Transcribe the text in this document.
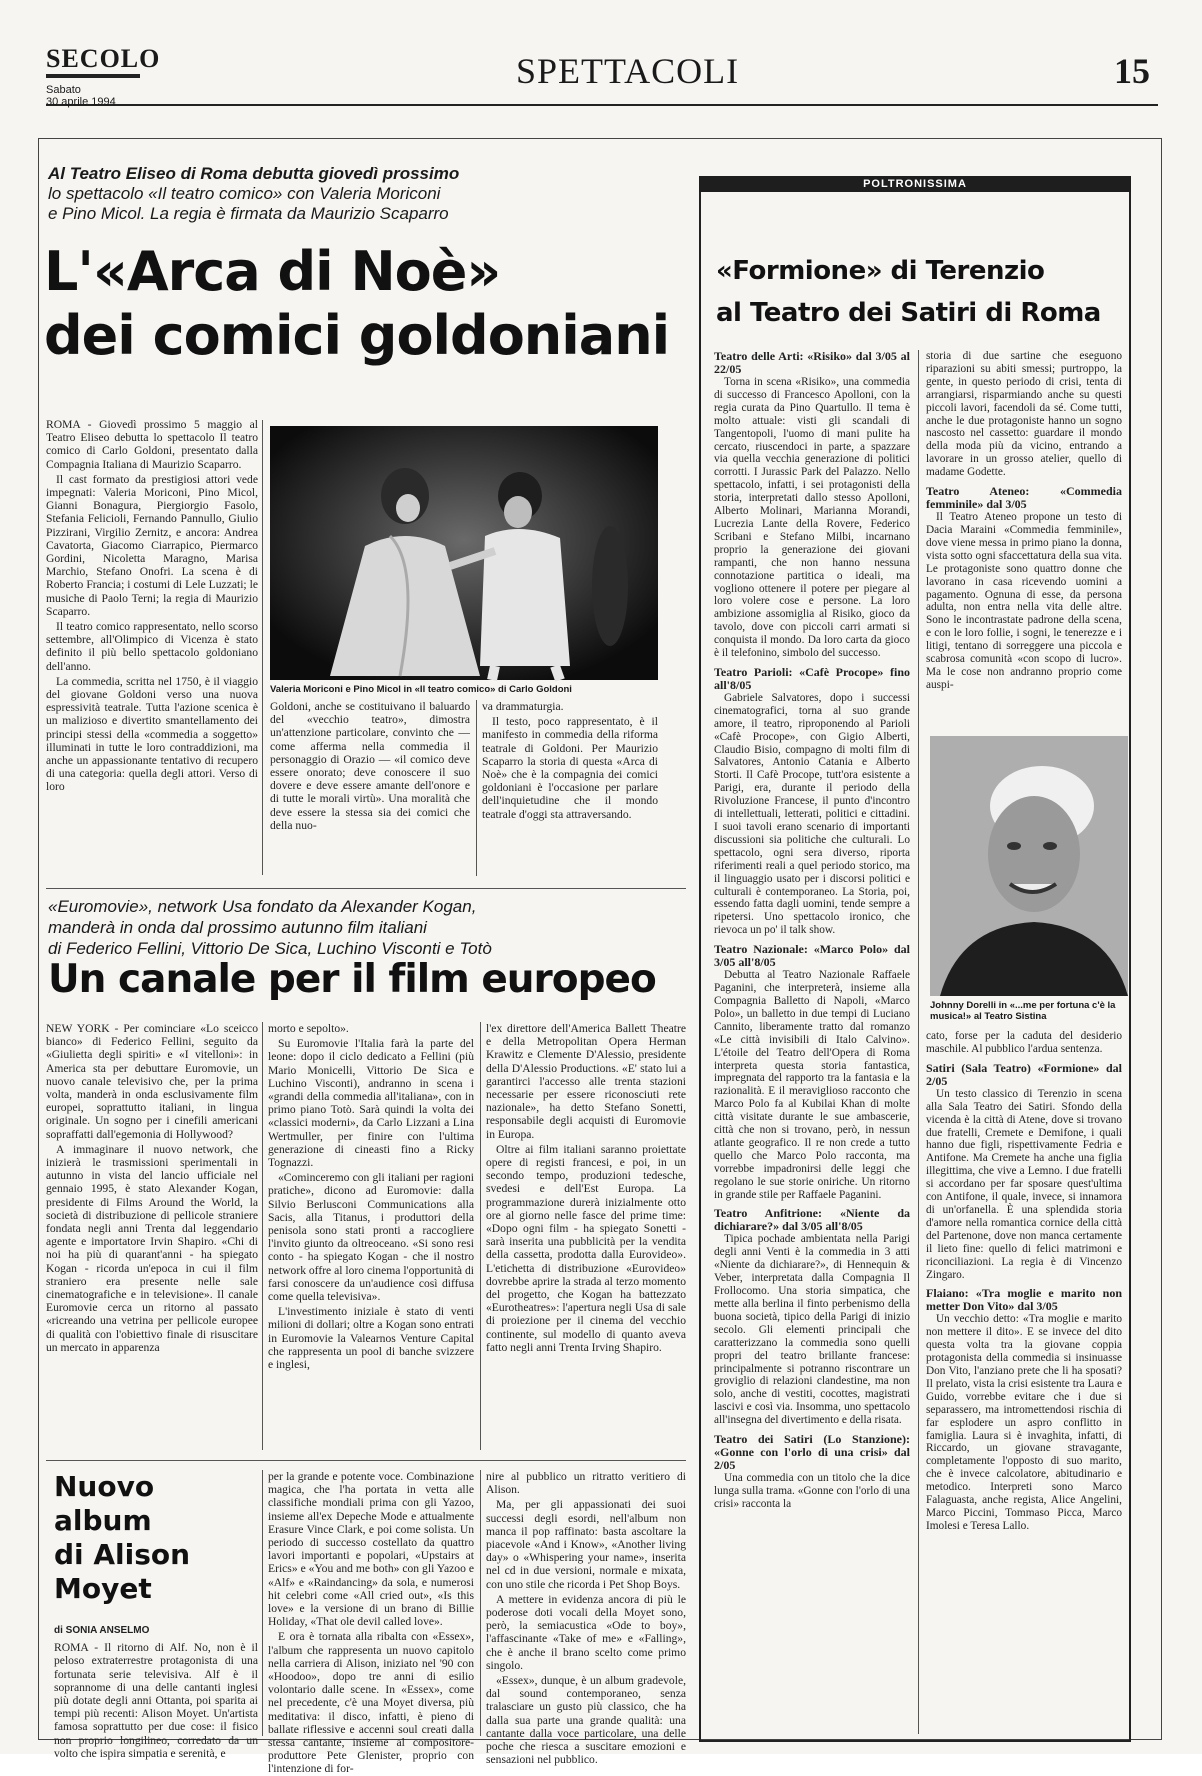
SECOLO
Sabato
30 aprile 1994
SPETTACOLI	15
Al Teatro Eliseo di Roma debutta giovedì prossimo
lo spettacolo «Il teatro comico» con Valeria Moriconi
e Pino Micol. La regia è firmata da Maurizio Scaparro
L'«Arca di Noè»
dei comici goldoniani

ROMA - Giovedì prossimo 5 maggio al Teatro Eliseo debutta lo spettacolo Il teatro comico di Carlo Goldoni, presentato dalla Compagnia Italiana di Maurizio Scaparro.

Il cast formato da prestigiosi attori vede impegnati: Valeria Moriconi, Pino Micol, Gianni Bonagura, Piergiorgio Fasolo, Stefania Felicioli, Fernando Pannullo, Giulio Pizzirani, Virgilio Zernitz, e ancora: Andrea Cavatorta, Giacomo Ciarrapico, Piermarco Gordini, Nicoletta Maragno, Marisa Marchio, Stefano Onofri. La scena è di Roberto Francia; i costumi di Lele Luzzati; le musiche di Paolo Terni; la regia di Maurizio Scaparro.

Il teatro comico rappresentato, nello scorso settembre, all'Olimpico di Vicenza è stato definito il più bello spettacolo goldoniano dell'anno.

La commedia, scritta nel 1750, è il viaggio del giovane Goldoni verso una nuova espressività teatrale. Tutta l'azione scenica è un malizioso e divertito smantellamento dei principi stessi della «commedia a soggetto» illuminati in tutte le loro contraddizioni, ma anche un appassionante tentativo di recupero di una categoria: quella degli attori. Verso di loro

Valeria Moriconi e Pino Micol in «Il teatro comico» di Carlo Goldoni

Goldoni, anche se costituivano il baluardo del «vecchio teatro», dimostra un'attenzione particolare, convinto che — come afferma nella commedia il personaggio di Orazio — «il comico deve essere onorato; deve conoscere il suo dovere e deve essere amante dell'onore e di tutte le morali virtù». Una moralità che deve essere la stessa sia dei comici che della nuo-

va drammaturgia.

Il testo, poco rappresentato, è il manifesto in commedia della riforma teatrale di Goldoni. Per Maurizio Scaparro la storia di questa «Arca di Noè» che è la compagnia dei comici goldoniani è l'occasione per parlare dell'inquietudine che il mondo teatrale d'oggi sta attraversando.

«Euromovie», network Usa fondato da Alexander Kogan,
manderà in onda dal prossimo autunno film italiani
di Federico Fellini, Vittorio De Sica, Luchino Visconti e Totò
Un canale per il film europeo

NEW YORK - Per cominciare «Lo sceicco bianco» di Federico Fellini, seguito da «Giulietta degli spiriti» e «I vitelloni»: in America sta per debuttare Euromovie, un nuovo canale televisivo che, per la prima volta, manderà in onda esclusivamente film europei, soprattutto italiani, in lingua originale. Un sogno per i cinefili americani sopraffatti dall'egemonia di Hollywood?

A immaginare il nuovo network, che inizierà le trasmissioni sperimentali in autunno in vista del lancio ufficiale nel gennaio 1995, è stato Alexander Kogan, presidente di Films Around the World, la società di distribuzione di pellicole straniere fondata negli anni Trenta dal leggendario agente e importatore Irvin Shapiro. «Chi di noi ha più di quarant'anni - ha spiegato Kogan - ricorda un'epoca in cui il film straniero era presente nelle sale cinematografiche e in televisione». Il canale Euromovie cerca un ritorno al passato «ricreando una vetrina per pellicole europee di qualità con l'obiettivo finale di risuscitare un mercato in apparenza

morto e sepolto».

Su Euromovie l'Italia farà la parte del leone: dopo il ciclo dedicato a Fellini (più Mario Monicelli, Vittorio De Sica e Luchino Visconti), andranno in scena i «grandi della commedia all'italiana», con in primo piano Totò. Sarà quindi la volta dei «classici moderni», da Carlo Lizzani a Lina Wertmuller, per finire con l'ultima generazione di cineasti fino a Ricky Tognazzi.

«Cominceremo con gli italiani per ragioni pratiche», dicono ad Euromovie: dalla Silvio Berlusconi Communications alla Sacis, alla Titanus, i produttori della penisola sono stati pronti a raccogliere l'invito giunto da oltreoceano. «Si sono resi conto - ha spiegato Kogan - che il nostro network offre al loro cinema l'opportunità di farsi conoscere da un'audience così diffusa come quella televisiva».

L'investimento iniziale è stato di venti milioni di dollari; oltre a Kogan sono entrati in Euromovie la Valearnos Venture Capital che rappresenta un pool di banche svizzere e inglesi,

l'ex direttore dell'America Ballett Theatre e della Metropolitan Opera Herman Krawitz e Clemente D'Alessio, presidente della D'Alessio Productions. «E' stato lui a garantirci l'accesso alle trenta stazioni necessarie per essere riconosciuti rete nazionale», ha detto Stefano Sonetti, responsabile degli acquisti di Euromovie in Europa.

Oltre ai film italiani saranno proiettate opere di registi francesi, e poi, in un secondo tempo, produzioni tedesche, svedesi e dell'Est Europa. La programmazione durerà inizialmente otto ore al giorno nelle fasce del prime time: «Dopo ogni film - ha spiegato Sonetti - sarà inserita una pubblicità per la vendita della cassetta, prodotta dalla Eurovideo». L'etichetta di distribuzione «Eurovideo» dovrebbe aprire la strada al terzo momento del progetto, che Kogan ha battezzato «Eurotheatres»: l'apertura negli Usa di sale di proiezione per il cinema del vecchio continente, sul modello di quanto aveva fatto negli anni Trenta Irving Shapiro.

Nuovo
album
di Alison
Moyet
di SONIA ANSELMO

ROMA - Il ritorno di Alf. No, non è il peloso extraterrestre protagonista di una fortunata serie televisiva. Alf è il soprannome di una delle cantanti inglesi più dotate degli anni Ottanta, poi sparita ai tempi più recenti: Alison Moyet. Un'artista famosa soprattutto per due cose: il fisico non proprio longilineo, corredato da un volto che ispira simpatia e serenità, e

per la grande e potente voce. Combinazione magica, che l'ha portata in vetta alle classifiche mondiali prima con gli Yazoo, insieme all'ex Depeche Mode e attualmente Erasure Vince Clark, e poi come solista. Un periodo di successo costellato da quattro lavori importanti e popolari, «Upstairs at Erics» e «You and me both» con gli Yazoo e «Alf» e «Raindancing» da sola, e numerosi hit celebri come «All cried out», «Is this love» e la versione di un brano di Billie Holiday, «That ole devil called love».

E ora è tornata alla ribalta con «Essex», l'album che rappresenta un nuovo capitolo nella carriera di Alison, iniziato nel '90 con «Hoodoo», dopo tre anni di esilio volontario dalle scene. In «Essex», come nel precedente, c'è una Moyet diversa, più meditativa: il disco, infatti, è pieno di ballate riflessive e accenni soul creati dalla stessa cantante, insieme al compositore-produttore Pete Glenister, proprio con l'intenzione di for-

nire al pubblico un ritratto veritiero di Alison.

Ma, per gli appassionati dei suoi successi degli esordi, nell'album non manca il pop raffinato: basta ascoltare la piacevole «And i Know», «Another living day» o «Whispering your name», inserita nel cd in due versioni, normale e mixata, con uno stile che ricorda i Pet Shop Boys.

A mettere in evidenza ancora di più le poderose doti vocali della Moyet sono, però, la semiacustica «Ode to boy», l'affascinante «Take of me» e «Falling», che è anche il brano scelto come primo singolo.

«Essex», dunque, è un album gradevole, dal sound contemporaneo, senza tralasciare un gusto più classico, che ha dalla sua parte una grande qualità: una cantante dalla voce particolare, una delle poche che riesca a suscitare emozioni e sensazioni nel pubblico.

POLTRONISSIMA
«Formione» di Terenzio
al Teatro dei Satiri di Roma
Teatro delle Arti: «Risiko» dal 3/05 al 22/05

Torna in scena «Risiko», una commedia di successo di Francesco Apolloni, con la regia curata da Pino Quartullo. Il tema è molto attuale: visti gli scandali di Tangentopoli, l'uomo di mani pulite ha cercato, riuscendoci in parte, a spazzare via quella vecchia generazione di politici corrotti. I Jurassic Park del Palazzo. Nello spettacolo, infatti, i sei protagonisti della storia, interpretati dallo stesso Apolloni, Alberto Molinari, Marianna Morandi, Lucrezia Lante della Rovere, Federico Scribani e Stefano Milbi, incarnano proprio la generazione dei giovani rampanti, che non hanno nessuna connotazione partitica o ideali, ma vogliono ottenere il potere per piegare al loro volere cose e persone. La loro ambizione assomiglia al Risiko, gioco da tavolo, dove con piccoli carri armati si conquista il mondo. Da loro carta da gioco è il telefonino, simbolo del successo.

Teatro Parioli: «Cafè Procope» fino all'8/05

Gabriele Salvatores, dopo i successi cinematografici, torna al suo grande amore, il teatro, riproponendo al Parioli «Cafè Procope», con Gigio Alberti, Claudio Bisio, compagno di molti film di Salvatores, Antonio Catania e Alberto Storti. Il Cafè Procope, tutt'ora esistente a Parigi, era, durante il periodo della Rivoluzione Francese, il punto d'incontro di intellettuali, letterati, politici e cittadini. I suoi tavoli erano scenario di importanti discussioni sia politiche che culturali. Lo spettacolo, ogni sera diverso, riporta riferimenti reali a quel periodo storico, ma il linguaggio usato per i discorsi politici e culturali è contemporaneo. La Storia, poi, essendo fatta dagli uomini, tende sempre a ripetersi. Uno spettacolo ironico, che rievoca un po' il talk show.

Teatro Nazionale: «Marco Polo» dal 3/05 all'8/05

Debutta al Teatro Nazionale Raffaele Paganini, che interpreterà, insieme alla Compagnia Balletto di Napoli, «Marco Polo», un balletto in due tempi di Luciano Cannito, liberamente tratto dal romanzo «Le città invisibili di Italo Calvino». L'étoile del Teatro dell'Opera di Roma interpreta questa storia fantastica, impregnata del rapporto tra la fantasia e la razionalità. E il meraviglioso racconto che Marco Polo fa al Kubilai Khan di molte città visitate durante le sue ambascerie, città che non si trovano, però, in nessun atlante geografico. Il re non crede a tutto quello che Marco Polo racconta, ma vorrebbe impadronirsi delle leggi che regolano le sue storie oniriche. Un ritorno in grande stile per Raffaele Paganini.

Teatro Anfitrione: «Niente da dichiarare?» dal 3/05 all'8/05

Tipica pochade ambientata nella Parigi degli anni Venti è la commedia in 3 atti «Niente da dichiarare?», di Hennequin & Veber, interpretata dalla Compagnia Il Frollocomo. Una storia simpatica, che mette alla berlina il finto perbenismo della buona società, tipico della Parigi di inizio secolo. Gli elementi principali che caratterizzano la commedia sono quelli propri del teatro brillante francese: principalmente si potranno riscontrare un groviglio di relazioni clandestine, ma non solo, anche di vestiti, cocottes, magistrati lascivi e così via. Insomma, uno spettacolo all'insegna del divertimento e della risata.

Teatro dei Satiri (Lo Stanzione): «Gonne con l'orlo di una crisi» dal 2/05

Una commedia con un titolo che la dice lunga sulla trama. «Gonne con l'orlo di una crisi» racconta la

storia di due sartine che eseguono riparazioni su abiti smessi; purtroppo, la gente, in questo periodo di crisi, tenta di arrangiarsi, risparmiando anche su questi piccoli lavori, facendoli da sé. Come tutti, anche le due protagoniste hanno un sogno nascosto nel cassetto: guardare il mondo della moda più da vicino, entrando a lavorare in un grosso atelier, quello di madame Godette.

Teatro Ateneo: «Commedia femminile» dal 3/05

Il Teatro Ateneo propone un testo di Dacia Maraini «Commedia femminile», dove viene messa in primo piano la donna, vista sotto ogni sfaccettatura della sua vita. Le protagoniste sono quattro donne che lavorano in casa ricevendo uomini a pagamento. Ognuna di esse, da persona adulta, non entra nella vita delle altre. Sono le incontrastate padrone della scena, e con le loro follie, i sogni, le tenerezze e i litigi, tentano di sorreggere una piccola e scabrosa comunità «con scopo di lucro». Ma le cose non andranno proprio come auspi-

Johnny Dorelli in «...me per fortuna c'è la musica!» al Teatro Sistina

cato, forse per la caduta del desiderio maschile. Al pubblico l'ardua sentenza.

Satiri (Sala Teatro) «Formione» dal 2/05

Un testo classico di Terenzio in scena alla Sala Teatro dei Satiri. Sfondo della vicenda è la città di Atene, dove si trovano due fratelli, Cremete e Demifone, i quali hanno due figli, rispettivamente Fedria e Antifone. Ma Cremete ha anche una figlia illegittima, che vive a Lemno. I due fratelli si accordano per far sposare quest'ultima con Antifone, il quale, invece, si innamora di un'orfanella. È una splendida storia d'amore nella romantica cornice della città del Partenone, dove non manca certamente il lieto fine: quello di felici matrimoni e riconciliazioni. La regia è di Vincenzo Zingaro.

Flaiano: «Tra moglie e marito non metter Don Vito» dal 3/05

Un vecchio detto: «Tra moglie e marito non mettere il dito». E se invece del dito questa volta tra la giovane coppia protagonista della commedia si insinuasse Don Vito, l'anziano prete che li ha sposati? Il prelato, vista la crisi esistente tra Laura e Guido, vorrebbe evitare che i due si separassero, ma intromettendosi rischia di far esplodere un aspro conflitto in famiglia. Laura si è invaghita, infatti, di Riccardo, un giovane stravagante, completamente l'opposto di suo marito, che è invece calcolatore, abitudinario e metodico. Interpreti sono Marco Falaguasta, anche regista, Alice Angelini, Marco Piccini, Tommaso Picca, Marco Imolesi e Teresa Lallo.
